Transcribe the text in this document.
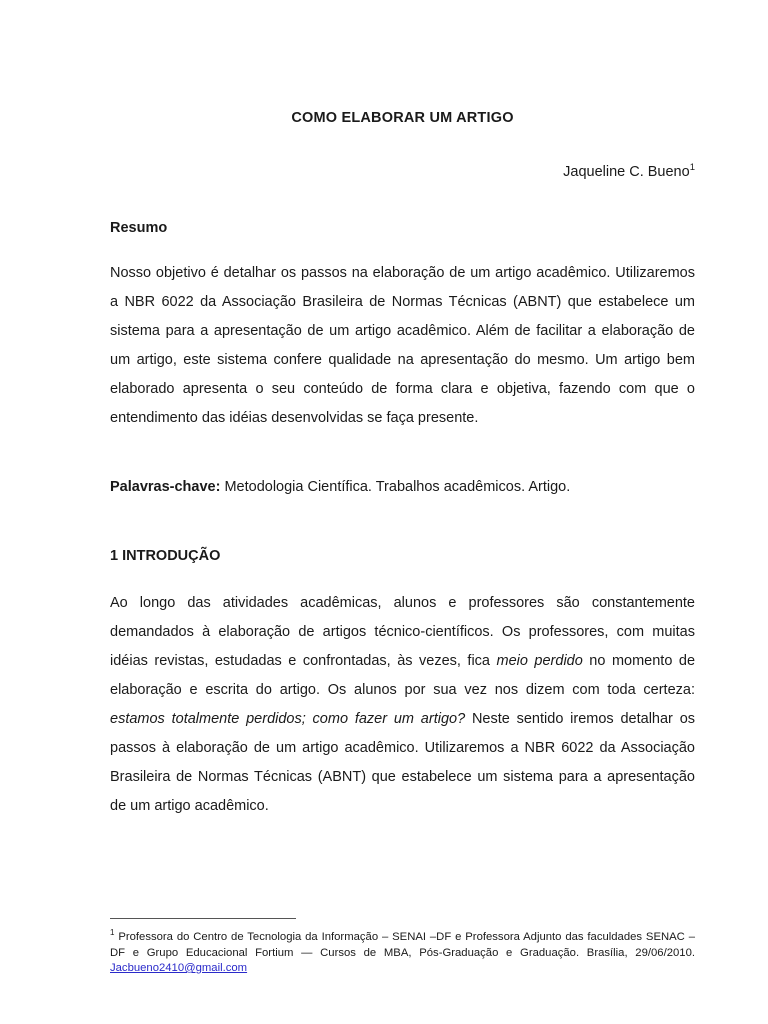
COMO ELABORAR UM ARTIGO

Jaqueline C. Bueno$^1$

Resumo

Nosso objetivo é detalhar os passos na elaboração de um artigo acadêmico. Utilizaremos a NBR 6022 da Associação Brasileira de Normas Técnicas (ABNT) que estabelece um sistema para a apresentação de um artigo acadêmico. Além de facilitar a elaboração de um artigo, este sistema confere qualidade na apresentação do mesmo. Um artigo bem elaborado apresenta o seu conteúdo de forma clara e objetiva, fazendo com que o entendimento das idéias desenvolvidas se faça presente.

Palavras-chave: Metodologia Científica. Trabalhos acadêmicos. Artigo.

1 INTRODUÇÃO

Ao longo das atividades acadêmicas, alunos e professores são constantemente demandados à elaboração de artigos técnico-científicos. Os professores, com muitas idéias revistas, estudadas e confrontadas, às vezes, fica meio perdido no momento de elaboração e escrita do artigo. Os alunos por sua vez nos dizem com toda certeza: estamos totalmente perdidos; como fazer um artigo? Neste sentido iremos detalhar os passos à elaboração de um artigo acadêmico. Utilizaremos a NBR 6022 da Associação Brasileira de Normas Técnicas (ABNT) que estabelece um sistema para a apresentação de um artigo acadêmico.

$^1$ Professora do Centro de Tecnologia da Informação – SENAI –DF e Professora Adjunto das faculdades SENAC – DF e Grupo Educacional Fortium — Cursos de MBA, Pós-Graduação e Graduação. Brasília, 29/06/2010. Jacbueno2410@gmail.com
